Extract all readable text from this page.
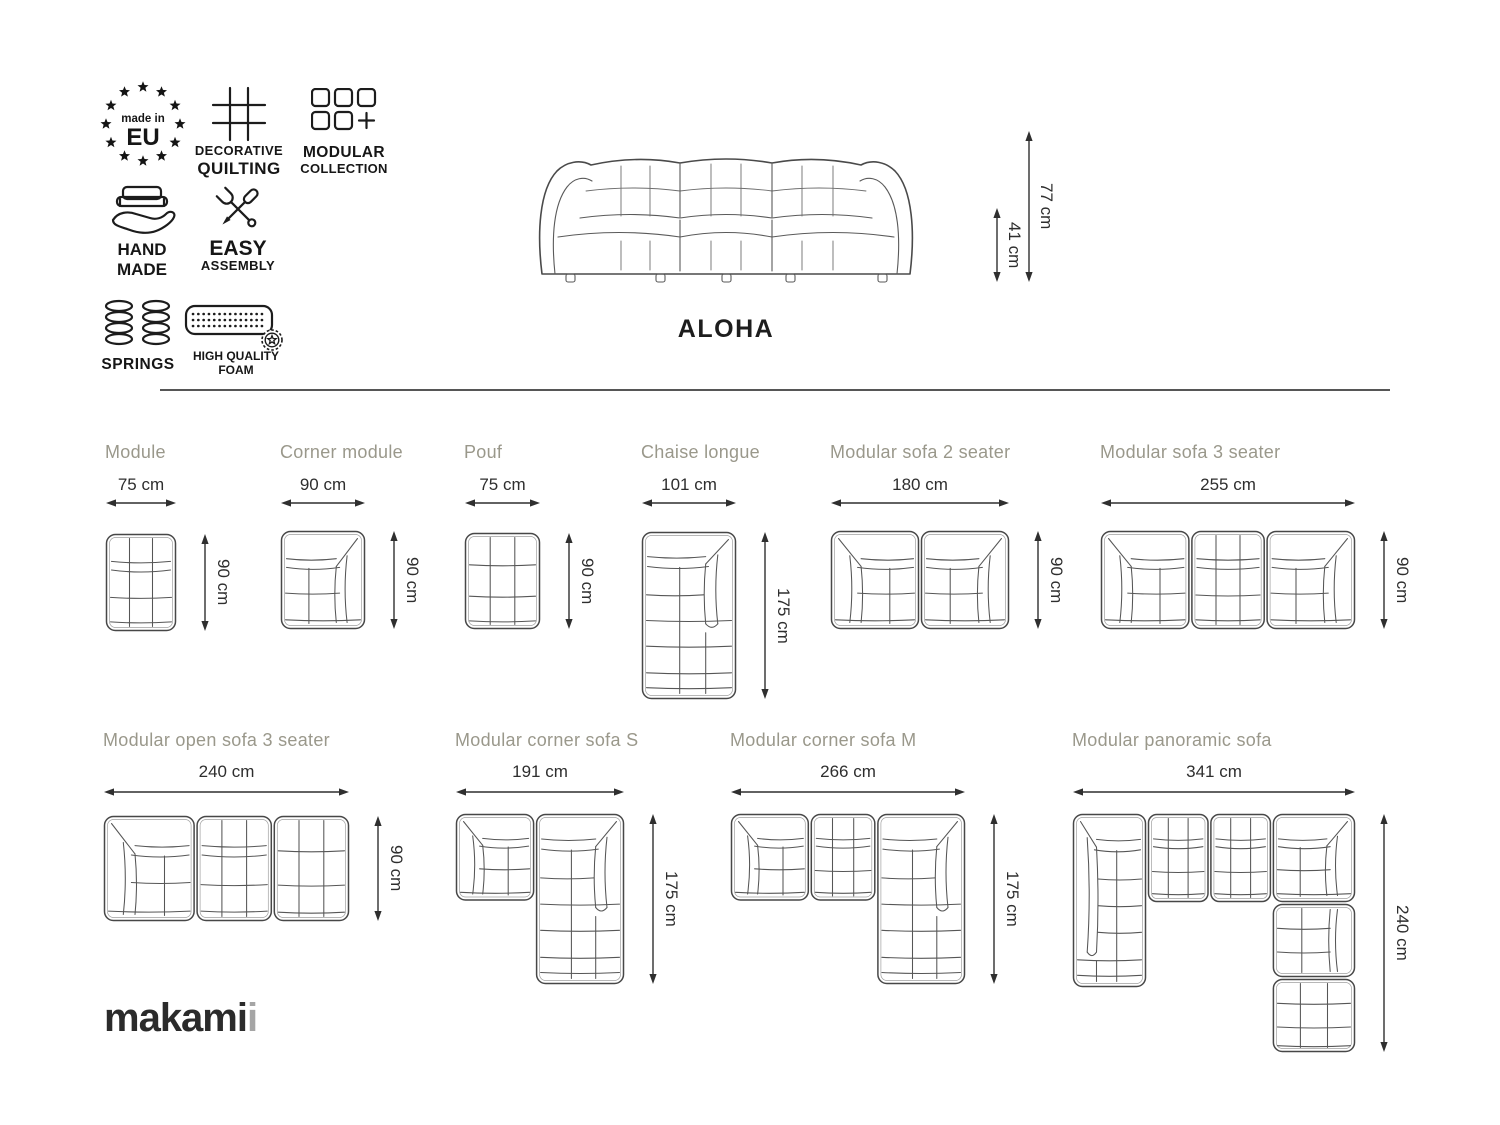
made in
EU	DECORATIVE
QUILTING
MODULAR
COLLECTION
HAND
MADE
EASY
ASSEMBLY
SPRINGS	HIGH QUALITY
FOAM
41 cm
77 cm
ALOHA
Module
75 cm
90 cm
Corner module
90 cm
90 cm
Pouf
75 cm
90 cm
Chaise longue
101 cm
175 cm
Modular sofa 2 seater
180 cm
90 cm
Modular sofa 3 seater
255 cm
90 cm
Modular open sofa 3 seater
240 cm
90 cm
Modular corner sofa S
191 cm
175 cm
Modular corner sofa M
266 cm
175 cm
Modular panoramic sofa
341 cm
240 cm
makamii
